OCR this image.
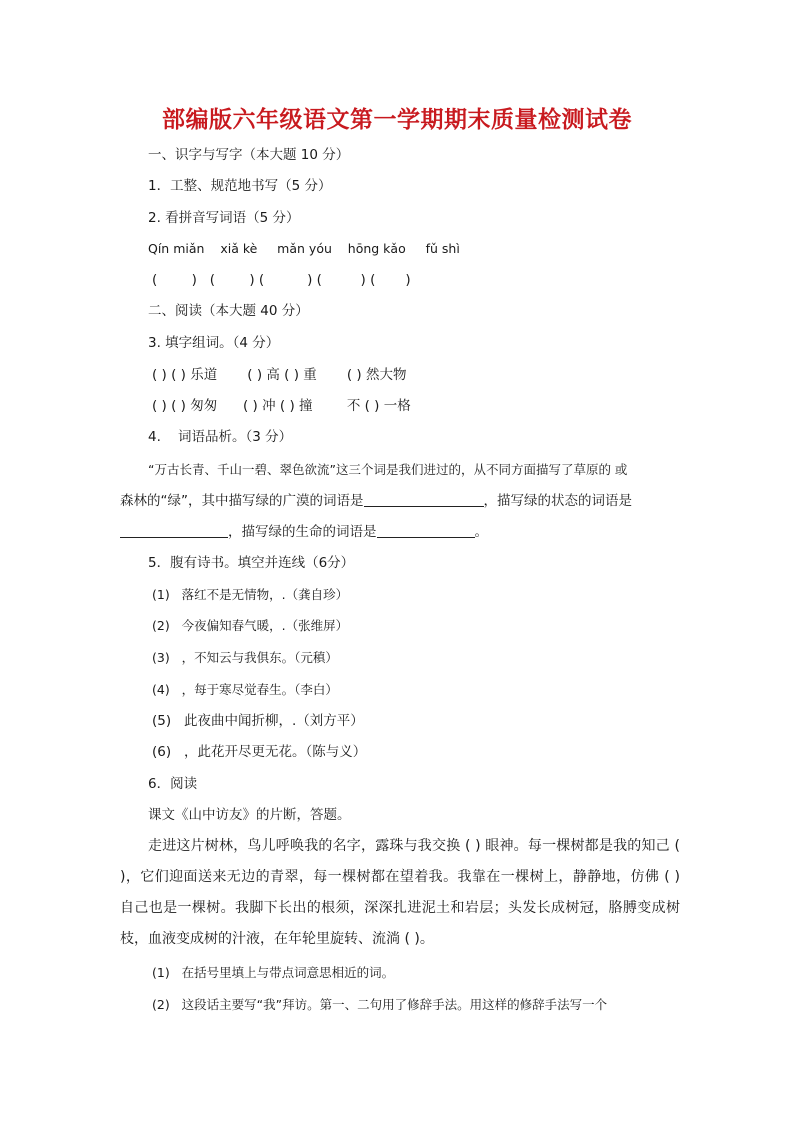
部编版六年级语文第一学期期末质量检测试卷
一、识字与写字（本大题 10 分）
1．工整、规范地书写（5 分）
2. 看拼音写词语（5 分）
Qín miǎn    xiǎ kè     mǎn yóu    hōng kǎo     fǔ shì
(        )   (        ) (          ) (         ) (       )
二、阅读（本大题 40 分）
3. 填字组词。（4 分）
( ) ( ) 乐道       ( ) 高 ( ) 重       ( ) 然大物
( ) ( ) 匆匆      ( ) 冲 ( ) 撞        不 ( ) 一格
4.    词语品析。（3 分）
“万古长青、千山一碧、翠色欲流”这三个词是我们进过的，从不同方面描写了草原的 或
森林的“绿”，其中描写绿的广漠的词语是	，描写绿的状态的词语是
，描写绿的生命的词语是	。
5．腹有诗书。填空并连线（6分）
(1)   落红不是无情物，.（龚自珍）
(2)   今夜偏知春气暖，.（张维屏）
(3)   ，不知云与我俱东。（元稹）
(4)   ，每于寒尽觉春生。（李白）
(5)   此夜曲中闻折柳，.（刘方平）
(6)   ，此花开尽更无花。（陈与义）
6．阅读
课文《山中访友》的片断，答题。
走进这片树林，鸟儿呼唤我的名字，露珠与我交换 ( ) 眼神。每一棵树都是我的知己 ( )，它们迎面送来无边的青翠，每一棵树都在望着我。我靠在一棵树上，静静地，仿佛 ( ) 自己也是一棵树。我脚下长出的根须，深深扎进泥土和岩层；头发长成树冠，胳膊变成树枝，血液变成树的汁液，在年轮里旋转、流淌 ( )。
(1)   在括号里填上与带点词意思相近的词。
(2)   这段话主要写“我”拜访。第一、二句用了修辞手法。用这样的修辞手法写一个
